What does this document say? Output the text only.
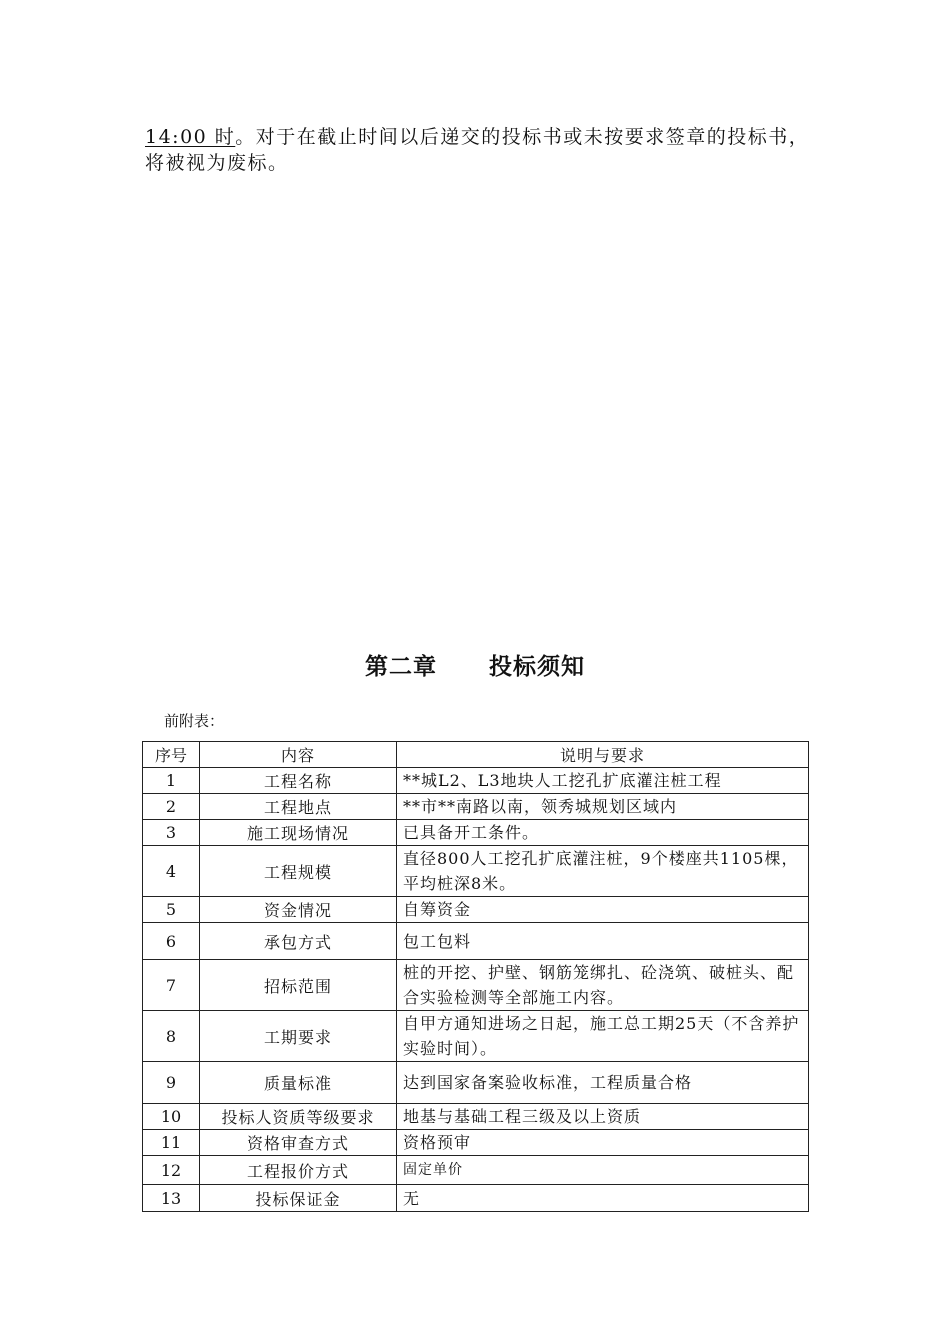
14:00 时。对于在截止时间以后递交的投标书或未按要求签章的投标书，将被视为废标。

第二章 投标须知

前附表：

序号	内容	说明与要求
1	工程名称	**城L2、L3地块人工挖孔扩底灌注桩工程
2	工程地点	**市**南路以南，领秀城规划区域内
3	施工现场情况	已具备开工条件。
4	工程规模	直径800人工挖孔扩底灌注桩，9个楼座共1105棵，平均桩深8米。
5	资金情况	自筹资金
6	承包方式	包工包料
7	招标范围	桩的开挖、护壁、钢筋笼绑扎、砼浇筑、破桩头、配合实验检测等全部施工内容。
8	工期要求	自甲方通知进场之日起，施工总工期25天（不含养护实验时间）。
9	质量标准	达到国家备案验收标准，工程质量合格
10	投标人资质等级要求	地基与基础工程三级及以上资质
11	资格审查方式	资格预审
12	工程报价方式	固定单价
13	投标保证金	无
